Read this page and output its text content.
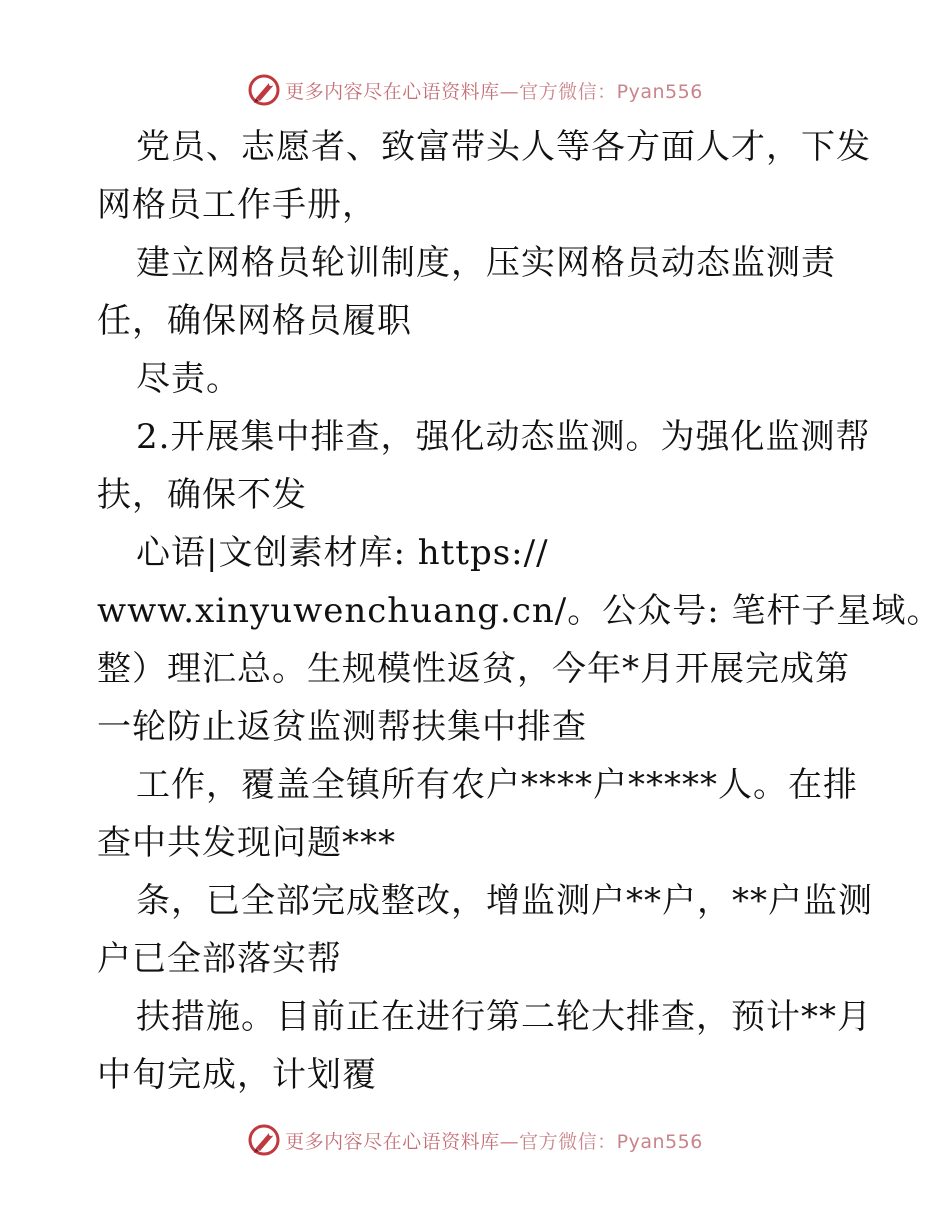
更多内容尽在心语资料库—官方微信：Pyan556
党员、志愿者、致富带头人等各方面人才，下发
网格员工作手册，
建立网格员轮训制度，压实网格员动态监测责
任，确保网格员履职
尽责。
2.开展集中排查，强化动态监测。为强化监测帮
扶，确保不发
心语|文创素材库: https://
www.xinyuwenchuang.cn/。公众号: 笔杆子星域。
整）理汇总。生规模性返贫，今年*月开展完成第
一轮防止返贫监测帮扶集中排查
工作，覆盖全镇所有农户****户*****人。在排
查中共发现问题***
条，已全部完成整改，增监测户**户，**户监测
户已全部落实帮
扶措施。目前正在进行第二轮大排查，预计**月
中旬完成，计划覆
更多内容尽在心语资料库—官方微信：Pyan556
